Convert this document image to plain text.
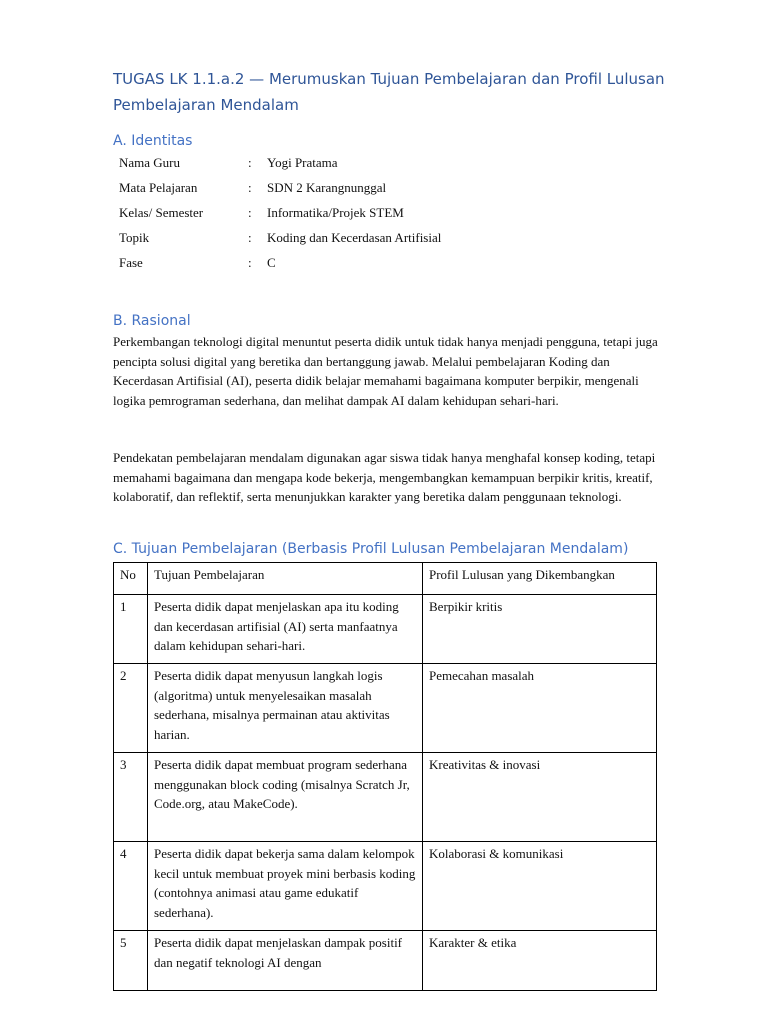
TUGAS LK 1.1.a.2 — Merumuskan Tujuan Pembelajaran dan Profil Lulusan Pembelajaran Mendalam
A. Identitas
Nama Guru	: Yogi Pratama
Mata Pelajaran	: SDN 2 Karangnunggal
Kelas/ Semester	: Informatika/Projek STEM
Topik	: Koding dan Kecerdasan Artifisial
Fase	: C
B. Rasional

Perkembangan teknologi digital menuntut peserta didik untuk tidak hanya menjadi pengguna, tetapi juga pencipta solusi digital yang beretika dan bertanggung jawab. Melalui pembelajaran Koding dan Kecerdasan Artifisial (AI), peserta didik belajar memahami bagaimana komputer berpikir, mengenali logika pemrograman sederhana, dan melihat dampak AI dalam kehidupan sehari-hari.

Pendekatan pembelajaran mendalam digunakan agar siswa tidak hanya menghafal konsep koding, tetapi memahami bagaimana dan mengapa kode bekerja, mengembangkan kemampuan berpikir kritis, kreatif, kolaboratif, dan reflektif, serta menunjukkan karakter yang beretika dalam penggunaan teknologi.

C. Tujuan Pembelajaran (Berbasis Profil Lulusan Pembelajaran Mendalam)
No	Tujuan Pembelajaran	Profil Lulusan yang Dikembangkan
1	Peserta didik dapat menjelaskan apa itu koding dan kecerdasan artifisial (AI) serta manfaatnya dalam kehidupan sehari-hari.	Berpikir kritis
2	Peserta didik dapat menyusun langkah logis (algoritma) untuk menyelesaikan masalah sederhana, misalnya permainan atau aktivitas harian.	Pemecahan masalah
3	Peserta didik dapat membuat program sederhana menggunakan block coding (misalnya Scratch Jr, Code.org, atau MakeCode).	Kreativitas & inovasi
4	Peserta didik dapat bekerja sama dalam kelompok kecil untuk membuat proyek mini berbasis koding (contohnya animasi atau game edukatif sederhana).	Kolaborasi & komunikasi
5	Peserta didik dapat menjelaskan dampak positif dan negatif teknologi AI dengan	Karakter & etika
